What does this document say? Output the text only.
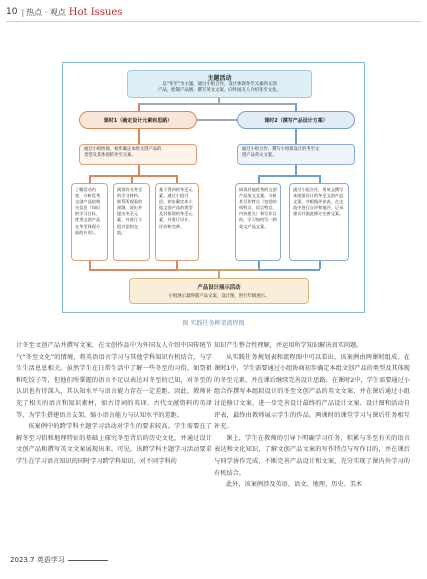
10 | 热点 · 观点 Hot Issues
主题活动
以“冬至”为主题，通过小组合作，设计体现冬至元素的文创
产品，绘制产品图，撰写英文文案，向外国友人介绍冬至文化。
课时1（确定设计元素和思路）	课时2（撰写产品设计方案）
通过小组协商，初步确定本组文创产品的
类型及其体现的冬至元素。
通过小组合作，撰写小组拟设计的冬至文
创产品英文文案。
了解活动内容，分析优秀文创产品的相关信息（知识的学习目标，优秀文创产品在冬至体现方面的应用）。
阅读有关冬至的学习材料，联系所观看的视频，说出并提出冬至元素，并进行小组讨论和交流。
基于得到的冬至元素，通过小组讨论，初步确定本小组文创产品的类型及其体现的冬至元素，并进行设计，评价和完善。
研读其他优秀的文创产品英文文案，分析其写作特点（包括结构特点、语言特点、内容要点）和写作目的，学习如何写一则英文产品文案。
通过小组合作，用英文撰写本组拟设计的冬至文创产品文案，并根据评价表，在交流中进行自评和他评，记录建议并据此修订完善文案。
产品设计展示活动
小组展示最终版产品文案、设计图，进行年级展示。
图 实践任务框架流程图

计冬至文创产品并撰写文案，在文创作品中为外国友人介绍中国传统节气“冬至文化”的情境，将英语语言学习与其他学科知识有机结合，与学生生活息息相关。虽然学生在日常生活中了解一些冬至的习俗，如祭祖和吃饺子等，但他们所掌握的语言不足以表达对冬至的已知，对冬至的认识也有待深入，其认知水平与语言能力存在一定差距。因此，教师补充了相关的语言和知识素材，如古诗词的英译、古代文献资料的英译等，为学生搭建语言支架，缩小语言能力与认知水平的差距。

该案例中的跨学科主题学习活动对学生的要求较高。学生需要在了解冬至习俗和地理特征的基础上探究冬至背后的历史文化，并通过设计文创产品和撰写英文文案展现出来。可见，该跨学科主题学习活动要求学生在学习语言知识的同时学习跨学科知识，对不同学科的

知识产生整合性理解，并运用所学知识解决真实问题。

从实践任务规划表和流程图中可以看出，该案例由两课时组成。在课时1中，学生需要通过小组协商初步确定本组文创产品的类型及其体现的冬至元素，并在课后继续完善设计思路。在课时2中，学生需要通过小组合作撰写本组拟设计的冬至文创产品的英文文案，并在课后通过小组讨论修订文案，进一步完善设计最终的产品设计文案、设计图和活动自评表，最终由教师展示学生的作品。两课时的课堂学习与课后任务相互补充。

课上，学生在教师的引导下明确学习任务，积累与冬至有关的语言表达和文化知识，了解文创产品文案的写作特点与写作目的，并在课后与同学协作完成，不断完善产品设计和文案，充分实现了课内外学习的有机结合。

此外，该案例涉及英语、语文、地理、历史、美术

2023.7 英语学习
